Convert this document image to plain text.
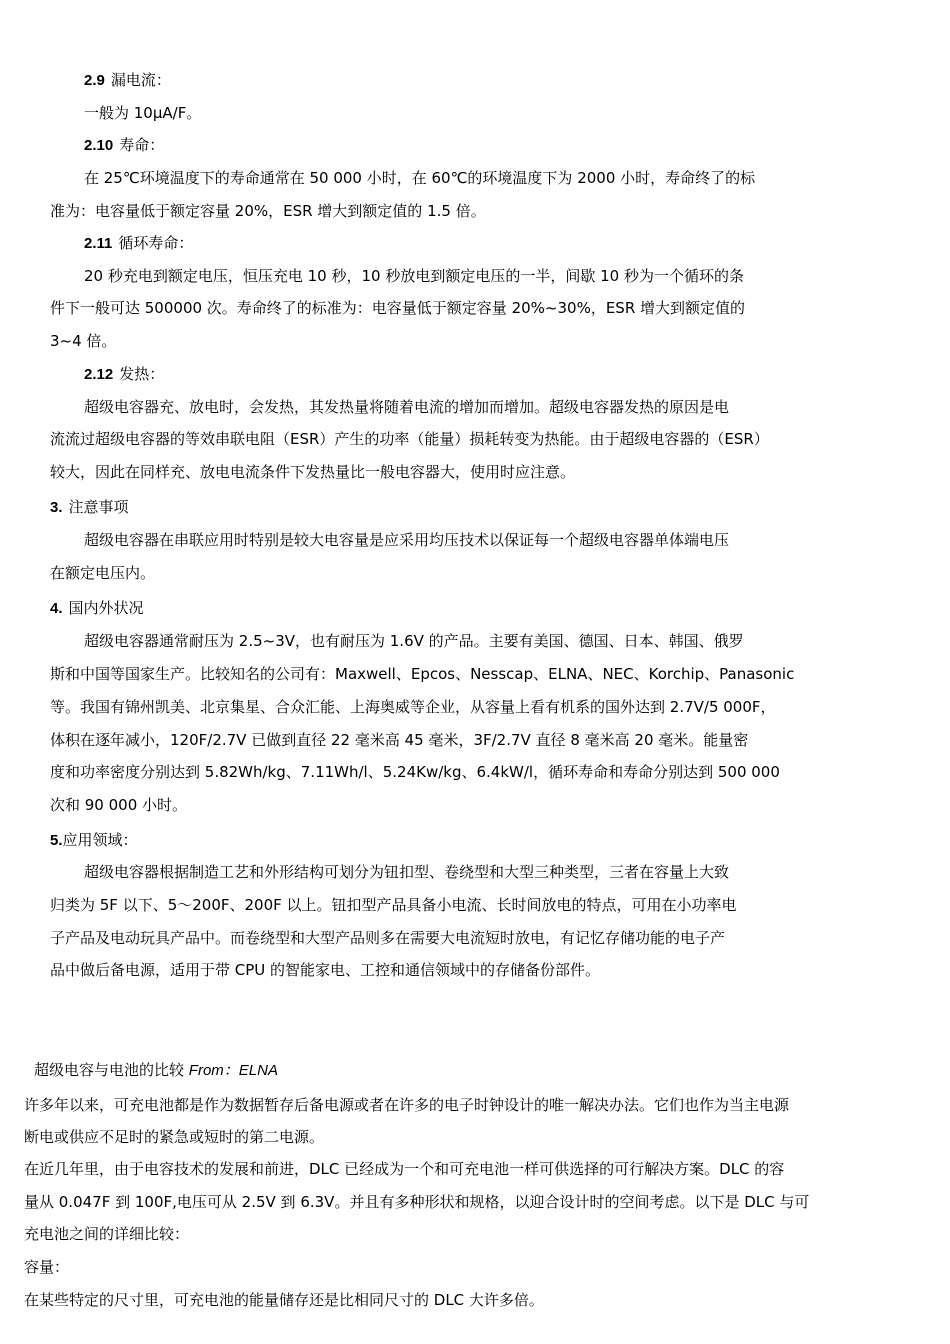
2.9 漏电流：
一般为 10μA/F。
2.10 寿命：
在 25℃环境温度下的寿命通常在 50 000 小时，在 60℃的环境温度下为 2000 小时，寿命终了的标
准为：电容量低于额定容量 20%，ESR 增大到额定值的 1.5 倍。
2.11 循环寿命：
20 秒充电到额定电压，恒压充电 10 秒，10 秒放电到额定电压的一半，间歇 10 秒为一个循环的条
件下一般可达 500000 次。寿命终了的标准为：电容量低于额定容量 20%~30%，ESR 增大到额定值的
3~4 倍。
2.12 发热：
超级电容器充、放电时，会发热，其发热量将随着电流的增加而增加。超级电容器发热的原因是电
流流过超级电容器的等效串联电阻（ESR）产生的功率（能量）损耗转变为热能。由于超级电容器的（ESR）
较大，因此在同样充、放电电流条件下发热量比一般电容器大，使用时应注意。
3. 注意事项
超级电容器在串联应用时特别是较大电容量是应采用均压技术以保证每一个超级电容器单体端电压
在额定电压内。
4. 国内外状况
超级电容器通常耐压为 2.5~3V，也有耐压为 1.6V 的产品。主要有美国、德国、日本、韩国、俄罗
斯和中国等国家生产。比较知名的公司有：Maxwell、Epcos、Nesscap、ELNA、NEC、Korchip、Panasonic
等。我国有锦州凯美、北京集星、合众汇能、上海奥威等企业，从容量上看有机系的国外达到 2.7V/5 000F，
体积在逐年减小，120F/2.7V 已做到直径 22 毫米高 45 毫米，3F/2.7V 直径 8 毫米高 20 毫米。能量密
度和功率密度分别达到 5.82Wh/kg、7.11Wh/l、5.24Kw/kg、6.4kW/l，循环寿命和寿命分别达到 500 000
次和 90 000 小时。
5.应用领域：
超级电容器根据制造工艺和外形结构可划分为钮扣型、卷绕型和大型三种类型，三者在容量上大致
归类为 5F 以下、5～200F、200F 以上。钮扣型产品具备小电流、长时间放电的特点，可用在小功率电
子产品及电动玩具产品中。而卷绕型和大型产品则多在需要大电流短时放电，有记忆存储功能的电子产
品中做后备电源，适用于带 CPU 的智能家电、工控和通信领域中的存储备份部件。
超级电容与电池的比较 From：ELNA
许多年以来，可充电池都是作为数据暂存后备电源或者在许多的电子时钟设计的唯一解决办法。它们也作为当主电源
断电或供应不足时的紧急或短时的第二电源。
在近几年里，由于电容技术的发展和前进，DLC 已经成为一个和可充电池一样可供选择的可行解决方案。DLC 的容
量从 0.047F 到 100F,电压可从 2.5V 到 6.3V。并且有多种形状和规格，以迎合设计时的空间考虑。以下是 DLC 与可
充电池之间的详细比较：
容量：
在某些特定的尺寸里，可充电池的能量储存还是比相同尺寸的 DLC 大许多倍。
